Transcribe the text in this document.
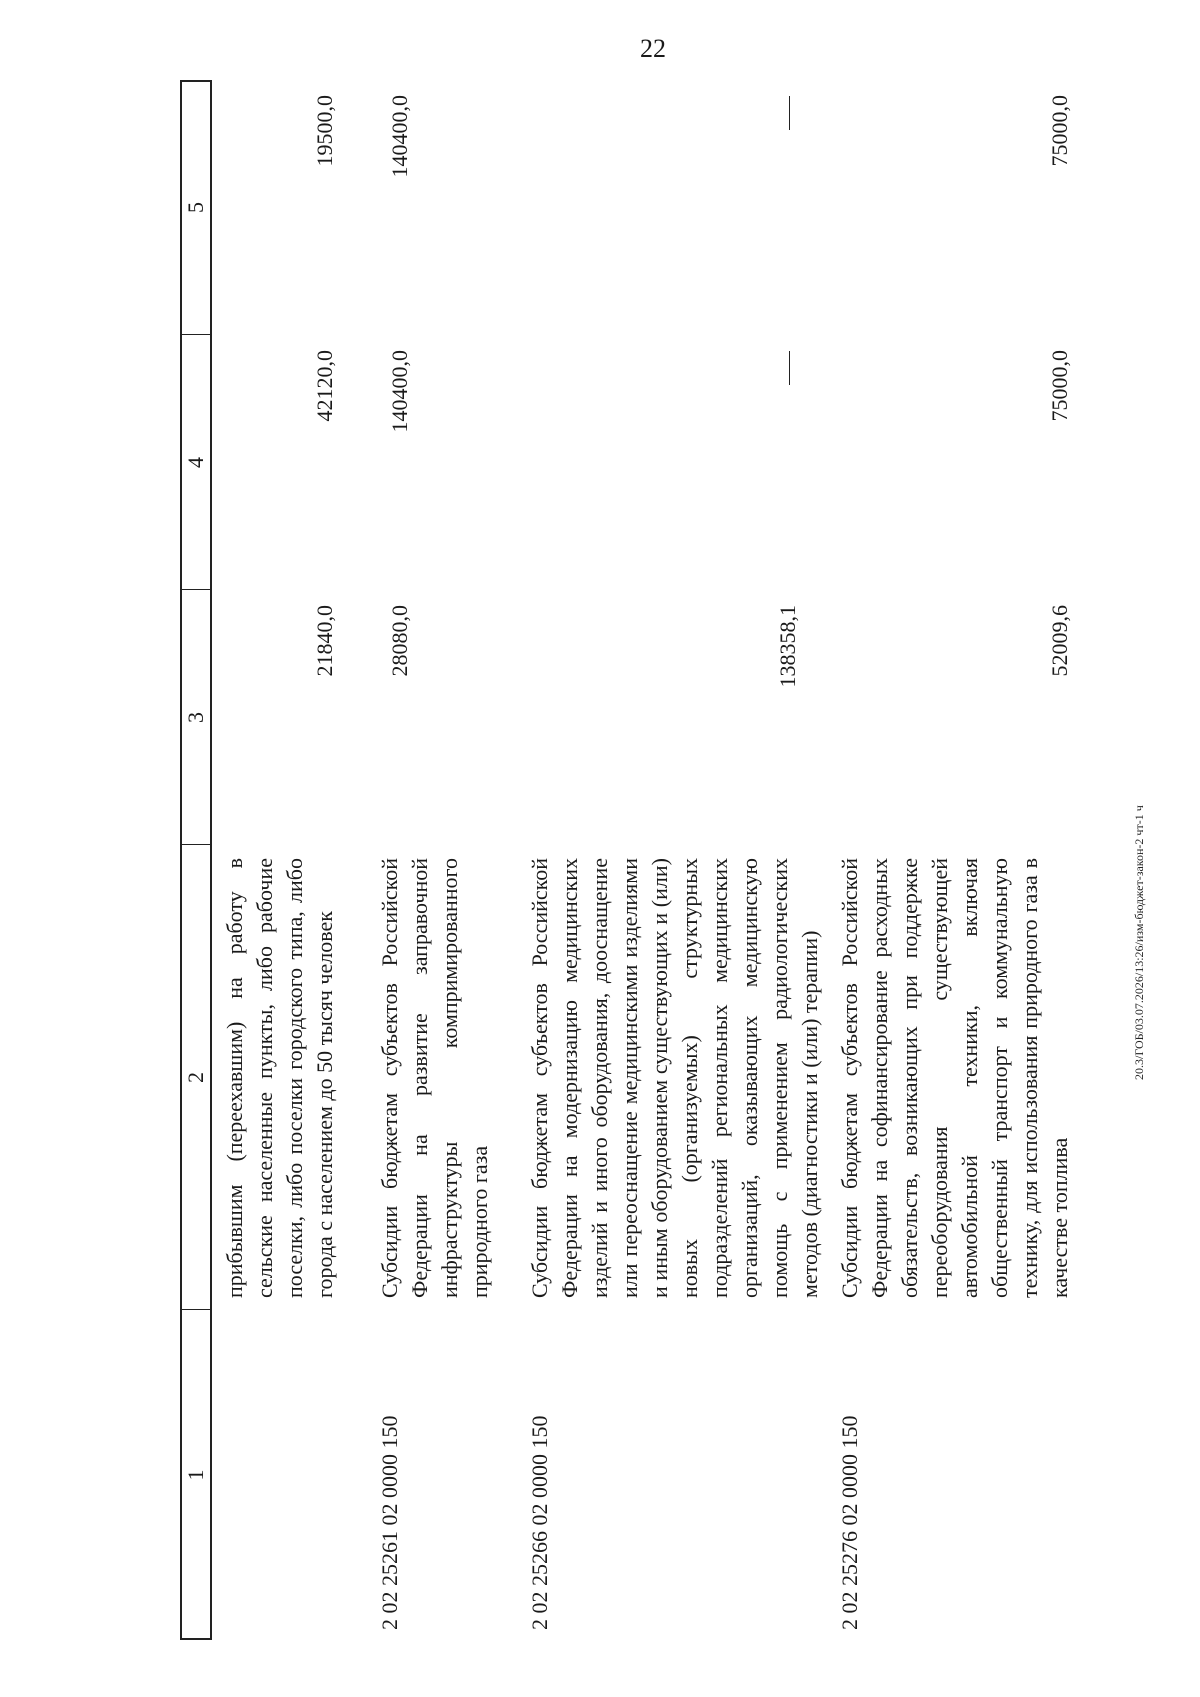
22
20.3/ГОБ/03.07.2026/13:26/изм-бюджет-закон-2 чт-1 ч
1
2
3
4
5
прибывшим (переехавшим) на работу в сельские населенные пункты, либо рабочие поселки, либо поселки городского типа, либо города с населением до 50 тысяч человек
21840,0
42120,0
19500,0
2 02 25261 02 0000 150
Субсидии бюджетам субъектов Российской Федерации на развитие заправочной инфраструктуры компримированного природного газа
28080,0
140400,0
140400,0
2 02 25266 02 0000 150
Субсидии бюджетам субъектов Российской Федерации на модернизацию медицинских изделий и иного оборудования, дооснащение или переоснащение медицинскими изделиями и иным оборудованием существующих и (или) новых (организуемых) структурных подразделений региональных медицинских организаций, оказывающих медицинскую помощь с применением радиологических методов (диагностики и (или) терапии)
138358,1
2 02 25276 02 0000 150
Субсидии бюджетам субъектов Российской Федерации на софинансирование расходных обязательств, возникающих при поддержке переоборудования существующей автомобильной техники, включая общественный транспорт и коммунальную технику, для использования природного газа в качестве топлива
52009,6
75000,0
75000,0
